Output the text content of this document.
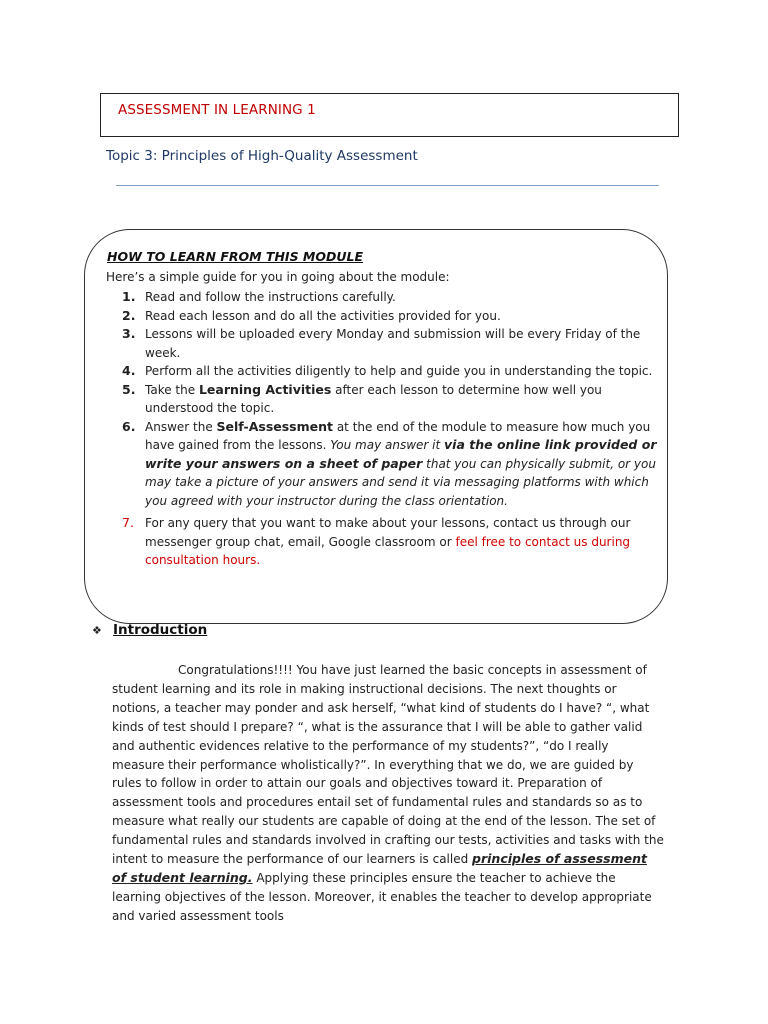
ASSESSMENT IN LEARNING 1
Topic 3: Principles of High-Quality Assessment
HOW TO LEARN FROM THIS MODULE
Here’s a simple guide for you in going about the module:
1. Read and follow the instructions carefully.
2. Read each lesson and do all the activities provided for you.
3. Lessons will be uploaded every Monday and submission will be every Friday of the week.
4. Perform all the activities diligently to help and guide you in understanding the topic.
5. Take the Learning Activities after each lesson to determine how well you understood the topic.
6. Answer the Self-Assessment at the end of the module to measure how much you have gained from the lessons. You may answer it via the online link provided or write your answers on a sheet of paper that you can physically submit, or you may take a picture of your answers and send it via messaging platforms with which you agreed with your instructor during the class orientation.
7. For any query that you want to make about your lessons, contact us through our messenger group chat, email, Google classroom or feel free to contact us during consultation hours.
❖ Introduction

Congratulations!!!! You have just learned the basic concepts in assessment of student learning and its role in making instructional decisions. The next thoughts or notions, a teacher may ponder and ask herself, “what kind of students do I have? “, what kinds of test should I prepare? “, what is the assurance that I will be able to gather valid and authentic evidences relative to the performance of my students?”, “do I really measure their performance wholistically?”. In everything that we do, we are guided by rules to follow in order to attain our goals and objectives toward it. Preparation of assessment tools and procedures entail set of fundamental rules and standards so as to measure what really our students are capable of doing at the end of the lesson. The set of fundamental rules and standards involved in crafting our tests, activities and tasks with the intent to measure the performance of our learners is called principles of assessment of student learning. Applying these principles ensure the teacher to achieve the learning objectives of the lesson. Moreover, it enables the teacher to develop appropriate and varied assessment tools
